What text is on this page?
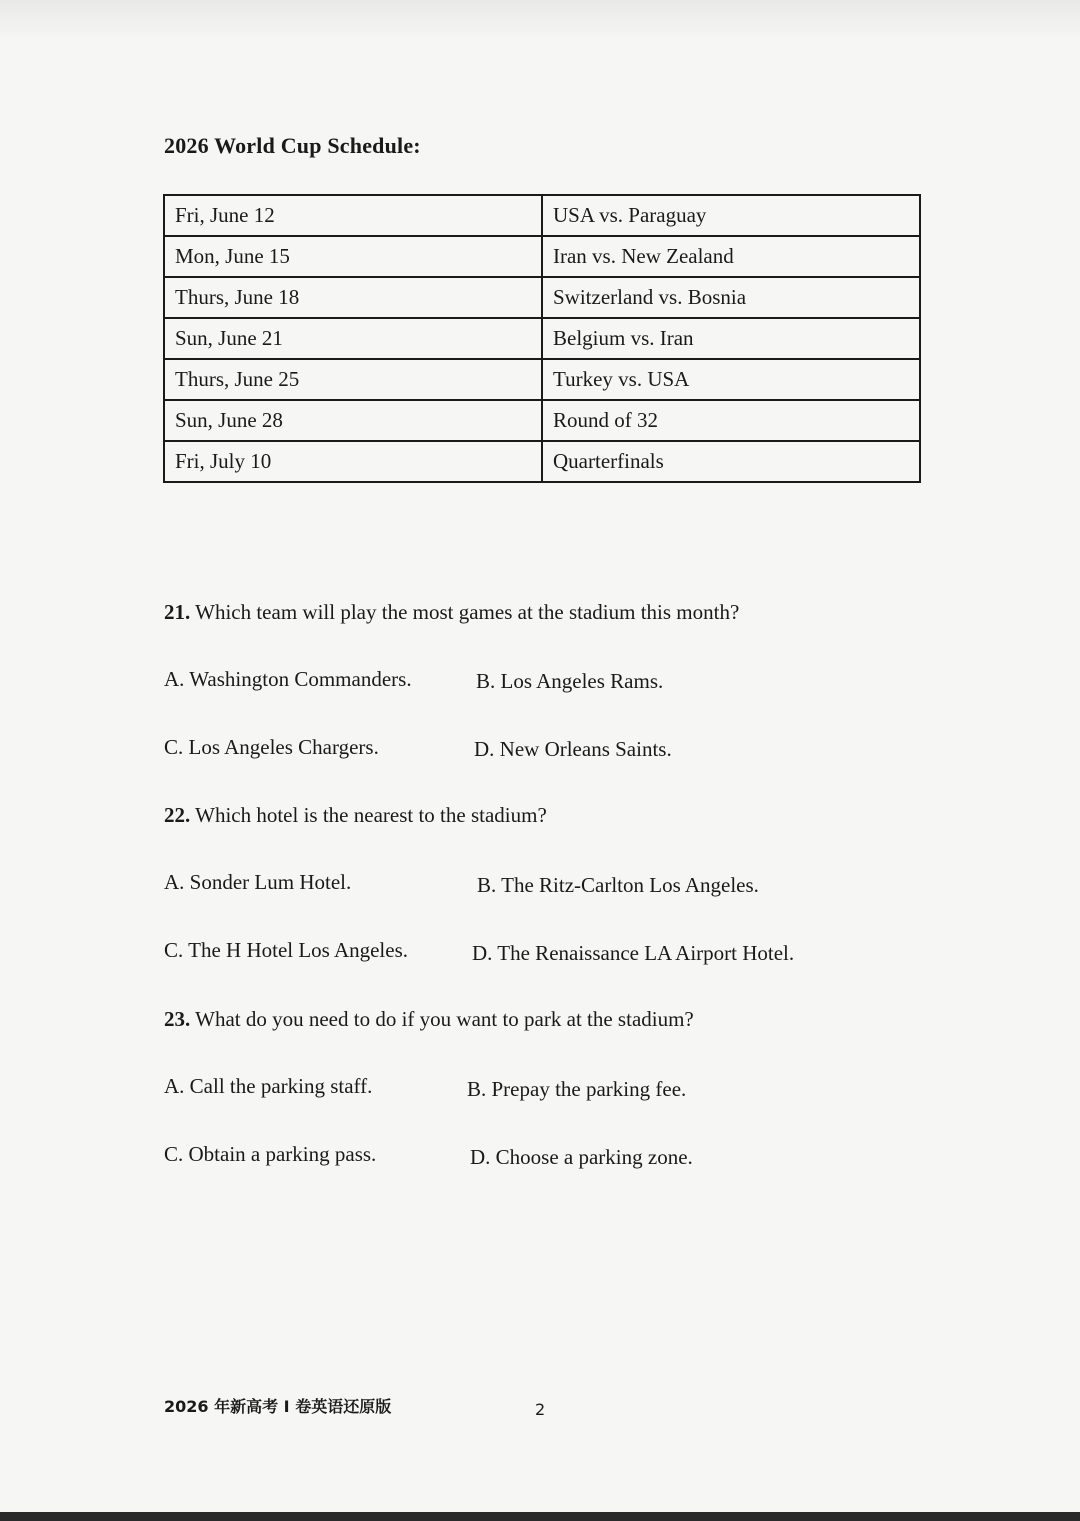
2026 World Cup Schedule:
Fri, June 12	USA vs. Paraguay
Mon, June 15	Iran vs. New Zealand
Thurs, June 18	Switzerland vs. Bosnia
Sun, June 21	Belgium vs. Iran
Thurs, June 25	Turkey vs. USA
Sun, June 28	Round of 32
Fri, July 10	Quarterfinals
21. Which team will play the most games at the stadium this month?
A. Washington Commanders.	B. Los Angeles Rams.
C. Los Angeles Chargers.	D. New Orleans Saints.
22. Which hotel is the nearest to the stadium?
A. Sonder Lum Hotel.	B. The Ritz-Carlton Los Angeles.
C. The H Hotel Los Angeles.	D. The Renaissance LA Airport Hotel.
23. What do you need to do if you want to park at the stadium?
A. Call the parking staff.	B. Prepay the parking fee.
C. Obtain a parking pass.	D. Choose a parking zone.
2026 年新高考 I 卷英语还原版	2
